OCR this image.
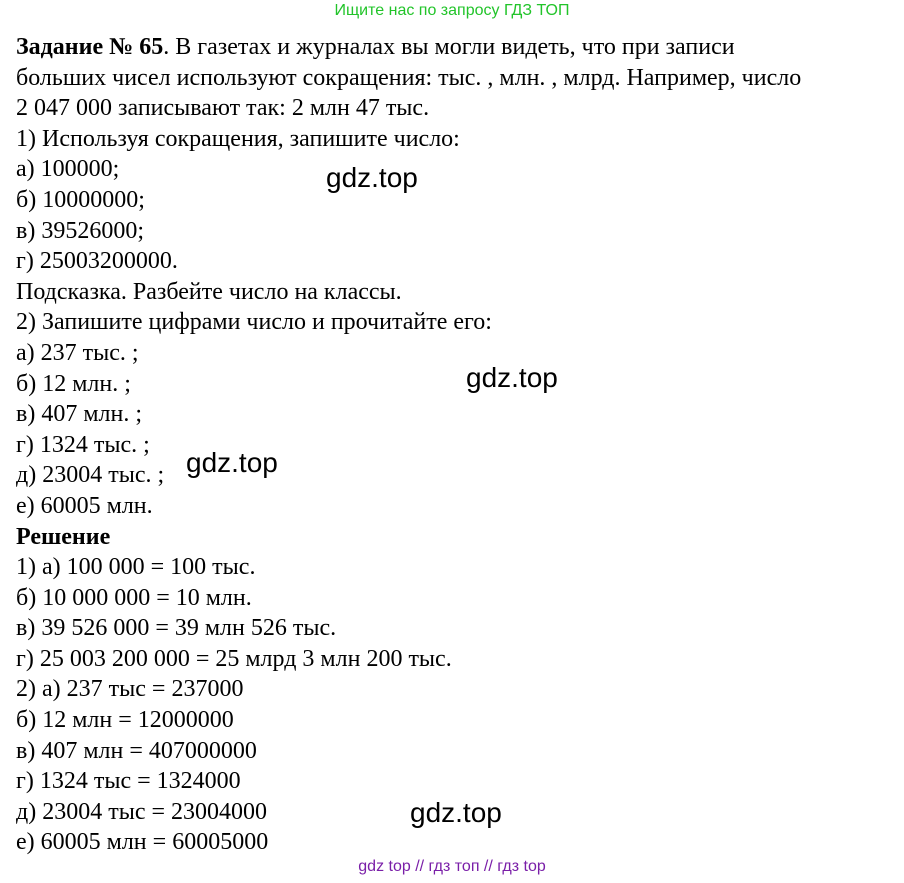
Ищите нас по запросу ГДЗ ТОП
Задание № 65. В газетах и журналах вы могли видеть, что при записи
больших чисел используют сокращения: тыс. , млн. , млрд. Например, число
2 047 000 записывают так: 2 млн 47 тыс.
1) Используя сокращения, запишите число:
а) 100000;
б) 10000000;
в) 39526000;
г) 25003200000.
Подсказка. Разбейте число на классы.
2) Запишите цифрами число и прочитайте его:
а) 237 тыс. ;
б) 12 млн. ;
в) 407 млн. ;
г) 1324 тыс. ;
д) 23004 тыс. ;
е) 60005 млн.
Решение
1) а) 100 000 = 100 тыс.
б) 10 000 000 = 10 млн.
в) 39 526 000 = 39 млн 526 тыс.
г) 25 003 200 000 = 25 млрд 3 млн 200 тыс.
2) а) 237 тыс = 237000
б) 12 млн = 12000000
в) 407 млн = 407000000
г) 1324 тыс = 1324000
д) 23004 тыс = 23004000
е) 60005 млн = 60005000
gdz.top
gdz.top
gdz.top
gdz.top
gdz top // гдз топ // гдз top
